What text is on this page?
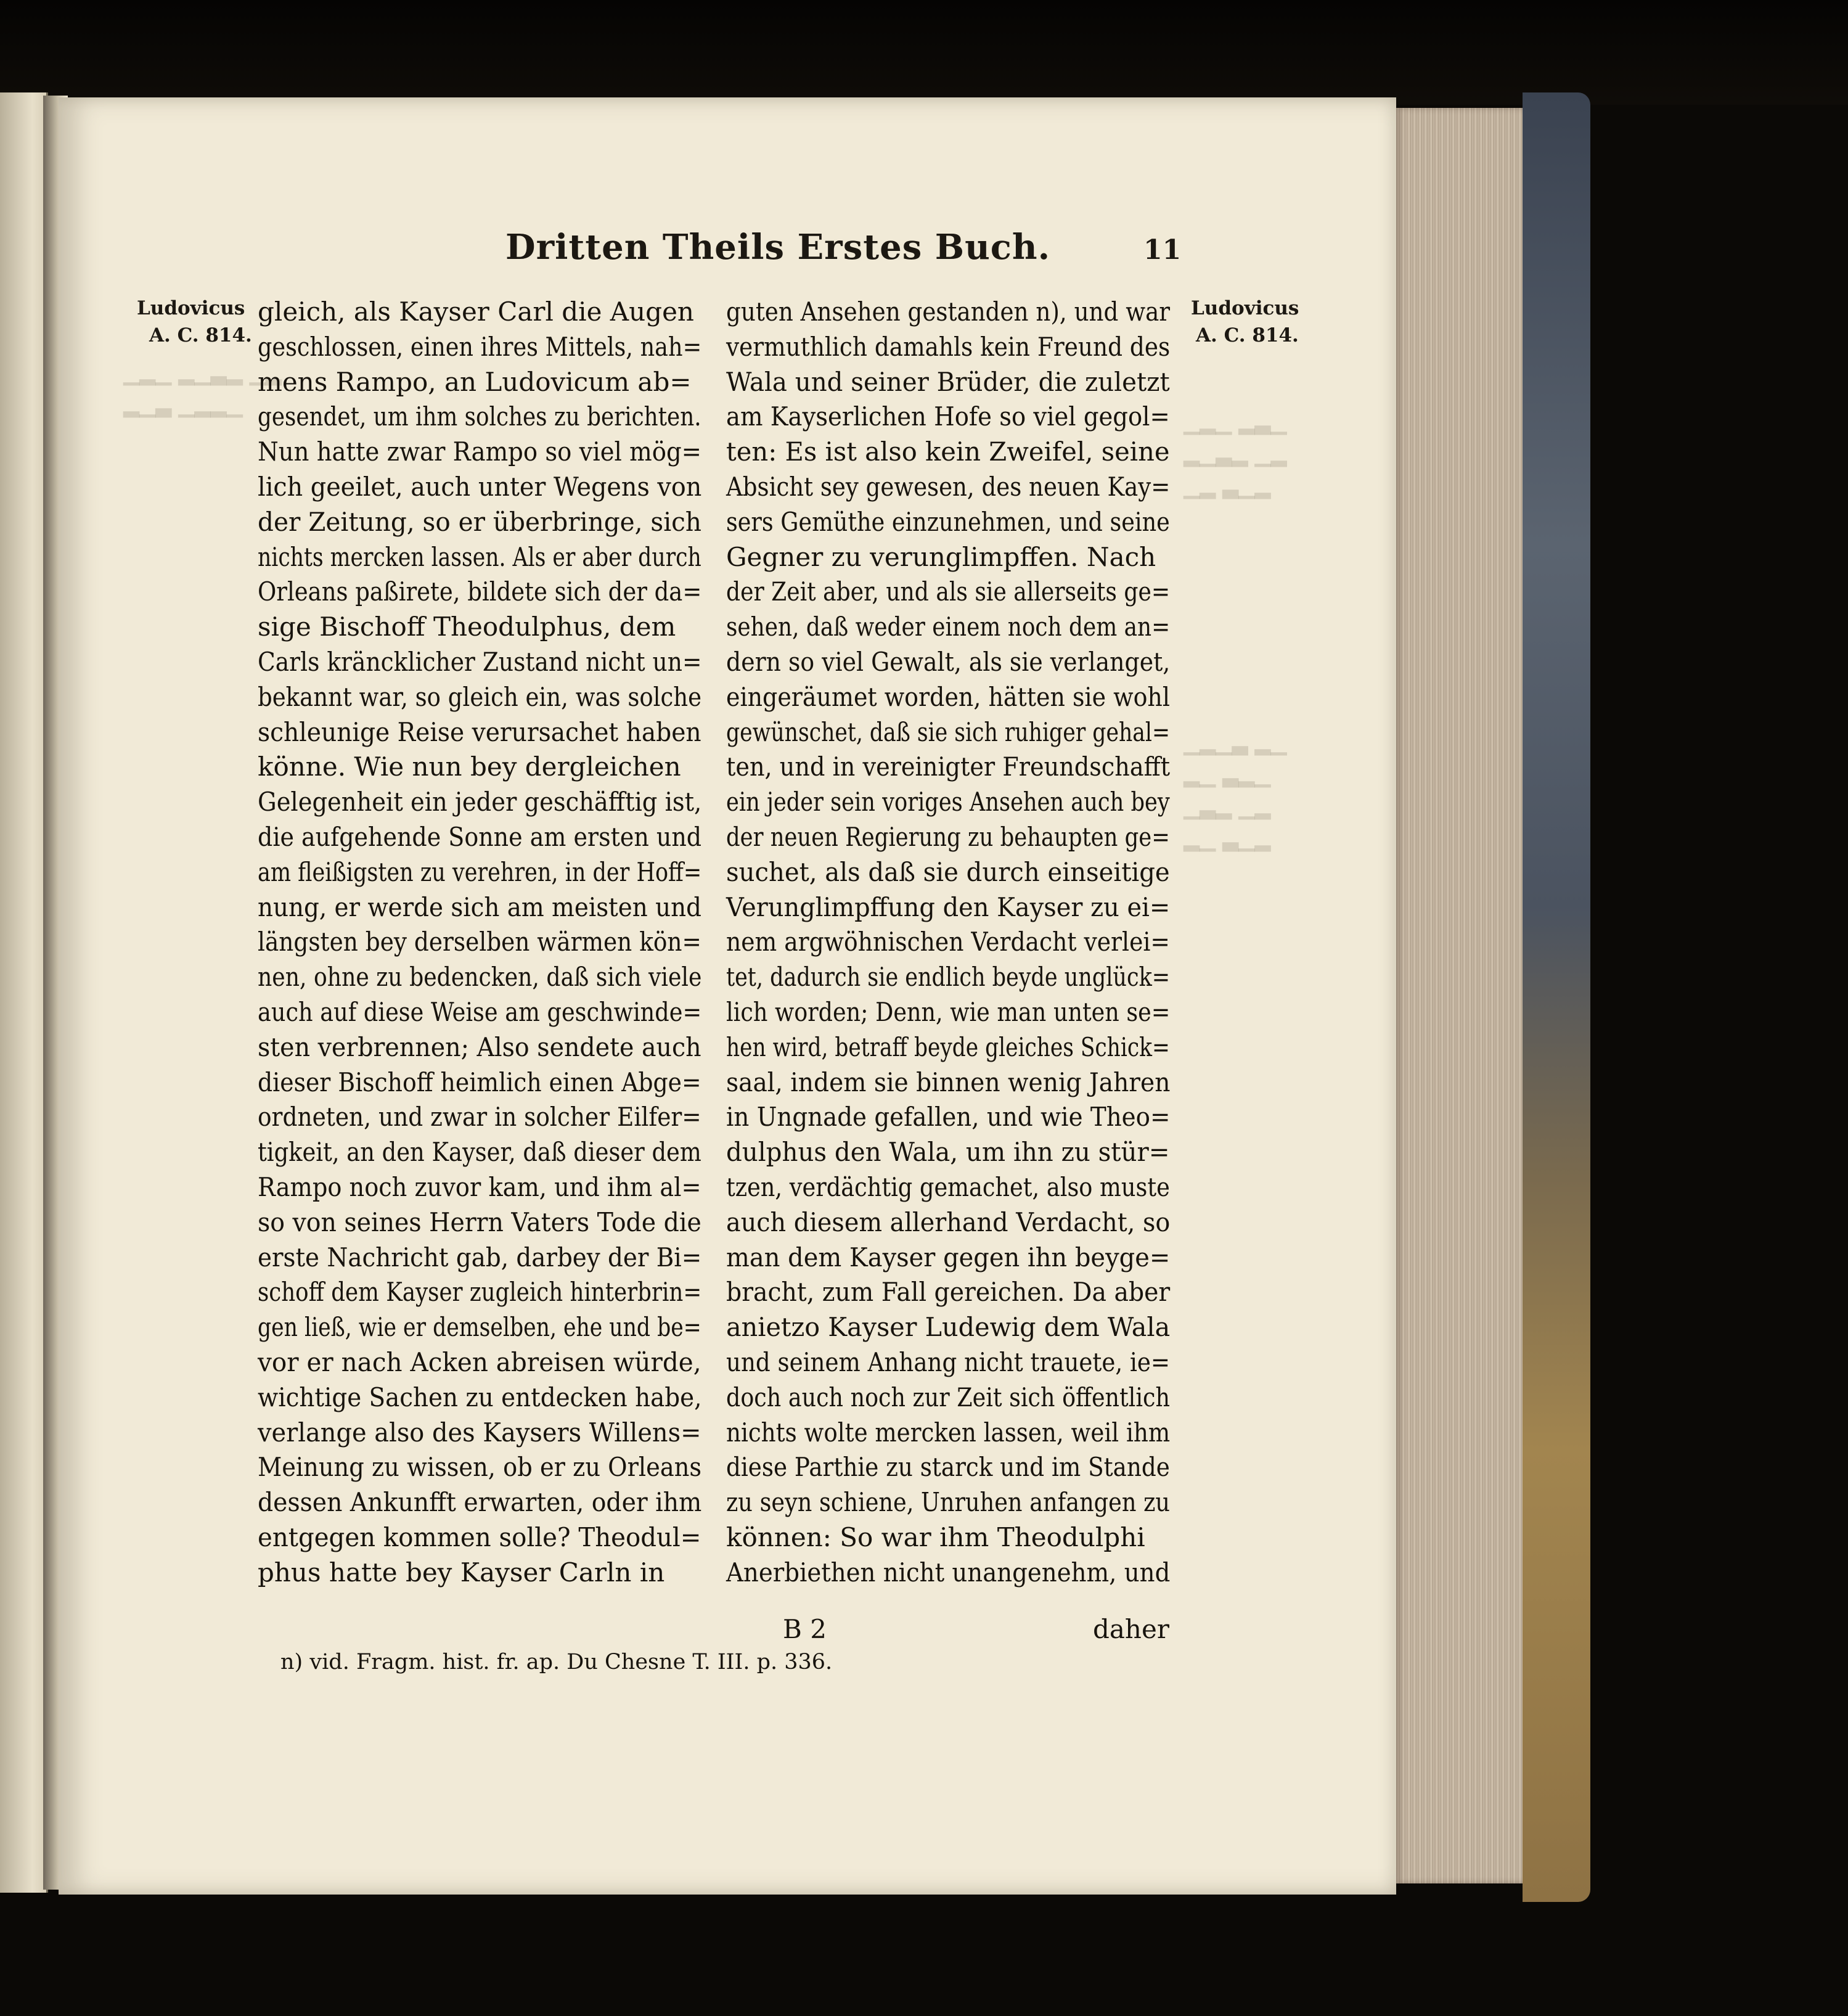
▁▂▁ ▂▁▃▂ ▁▂
▂▁▃ ▁▂▂▁
▁▂▁ ▂▃▁
▂▁▃▂ ▁▂
▁▂ ▃▁▂
▁▂▁▃ ▂▁
▂▁ ▃▂▁
▁▃▂ ▁▂
▂▁ ▃▁▂
Dritten Theils Erstes Buch.	11
Ludovicus
A. C. 814.
Ludovicus
A. C. 814.
gleich, als Kayser Carl die Augen
geschlossen, einen ihres Mittels, nah=
mens Rampo, an Ludovicum ab=
gesendet, um ihm solches zu berichten.
Nun hatte zwar Rampo so viel mög=
lich geeilet, auch unter Wegens von
der Zeitung, so er überbringe, sich
nichts mercken lassen. Als er aber durch
Orleans paßirete, bildete sich der da=
sige Bischoff Theodulphus, dem
Carls kräncklicher Zustand nicht un=
bekannt war, so gleich ein, was solche
schleunige Reise verursachet haben
könne. Wie nun bey dergleichen
Gelegenheit ein jeder geschäfftig ist,
die aufgehende Sonne am ersten und
am fleißigsten zu verehren, in der Hoff=
nung, er werde sich am meisten und
längsten bey derselben wärmen kön=
nen, ohne zu bedencken, daß sich viele
auch auf diese Weise am geschwinde=
sten verbrennen; Also sendete auch
dieser Bischoff heimlich einen Abge=
ordneten, und zwar in solcher Eilfer=
tigkeit, an den Kayser, daß dieser dem
Rampo noch zuvor kam, und ihm al=
so von seines Herrn Vaters Tode die
erste Nachricht gab, darbey der Bi=
schoff dem Kayser zugleich hinterbrin=
gen ließ, wie er demselben, ehe und be=
vor er nach Acken abreisen würde,
wichtige Sachen zu entdecken habe,
verlange also des Kaysers Willens=
Meinung zu wissen, ob er zu Orleans
dessen Ankunfft erwarten, oder ihm
entgegen kommen solle? Theodul=
phus hatte bey Kayser Carln in
guten Ansehen gestanden n), und war
vermuthlich damahls kein Freund des
Wala und seiner Brüder, die zuletzt
am Kayserlichen Hofe so viel gegol=
ten: Es ist also kein Zweifel, seine
Absicht sey gewesen, des neuen Kay=
sers Gemüthe einzunehmen, und seine
Gegner zu verunglimpffen. Nach
der Zeit aber, und als sie allerseits ge=
sehen, daß weder einem noch dem an=
dern so viel Gewalt, als sie verlanget,
eingeräumet worden, hätten sie wohl
gewünschet, daß sie sich ruhiger gehal=
ten, und in vereinigter Freundschafft
ein jeder sein voriges Ansehen auch bey
der neuen Regierung zu behaupten ge=
suchet, als daß sie durch einseitige
Verunglimpffung den Kayser zu ei=
nem argwöhnischen Verdacht verlei=
tet, dadurch sie endlich beyde unglück=
lich worden; Denn, wie man unten se=
hen wird, betraff beyde gleiches Schick=
saal, indem sie binnen wenig Jahren
in Ungnade gefallen, und wie Theo=
dulphus den Wala, um ihn zu stür=
tzen, verdächtig gemachet, also muste
auch diesem allerhand Verdacht, so
man dem Kayser gegen ihn beyge=
bracht, zum Fall gereichen. Da aber
anietzo Kayser Ludewig dem Wala
und seinem Anhang nicht trauete, ie=
doch auch noch zur Zeit sich öffentlich
nichts wolte mercken lassen, weil ihm
diese Parthie zu starck und im Stande
zu seyn schiene, Unruhen anfangen zu
können: So war ihm Theodulphi
Anerbiethen nicht unangenehm, und
B 2	daher
n) vid. Fragm. hist. fr. ap. Du Chesne T. III. p. 336.
